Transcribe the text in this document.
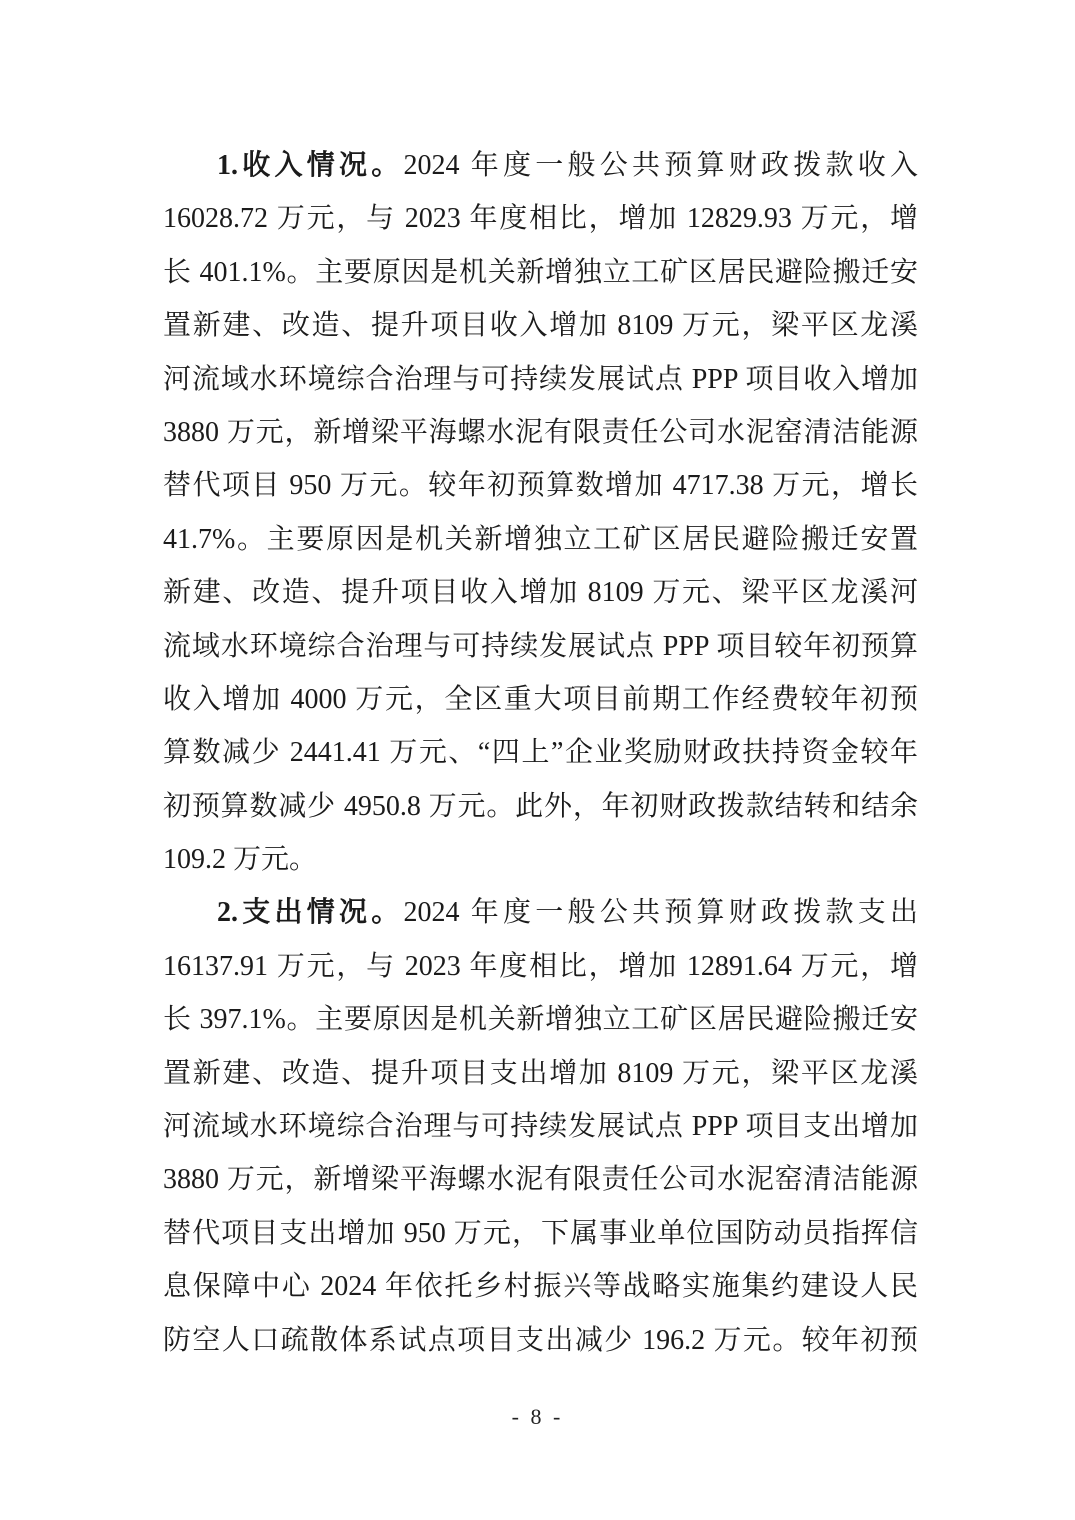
1.收入情况。2024 年度一般公共预算财政拨款收入
16028.72 万元，与 2023 年度相比，增加 12829.93 万元，增
长 401.1%。主要原因是机关新增独立工矿区居民避险搬迁安
置新建、改造、提升项目收入增加 8109 万元，梁平区龙溪
河流域水环境综合治理与可持续发展试点 PPP 项目收入增加
3880 万元，新增梁平海螺水泥有限责任公司水泥窑清洁能源
替代项目 950 万元。较年初预算数增加 4717.38 万元，增长
41.7%。主要原因是机关新增独立工矿区居民避险搬迁安置
新建、改造、提升项目收入增加 8109 万元、梁平区龙溪河
流域水环境综合治理与可持续发展试点 PPP 项目较年初预算
收入增加 4000 万元，全区重大项目前期工作经费较年初预
算数减少 2441.41 万元、“四上”企业奖励财政扶持资金较年
初预算数减少 4950.8 万元。此外，年初财政拨款结转和结余
109.2 万元。
2.支出情况。2024 年度一般公共预算财政拨款支出
16137.91 万元，与 2023 年度相比，增加 12891.64 万元，增
长 397.1%。主要原因是机关新增独立工矿区居民避险搬迁安
置新建、改造、提升项目支出增加 8109 万元，梁平区龙溪
河流域水环境综合治理与可持续发展试点 PPP 项目支出增加
3880 万元，新增梁平海螺水泥有限责任公司水泥窑清洁能源
替代项目支出增加 950 万元，下属事业单位国防动员指挥信
息保障中心 2024 年依托乡村振兴等战略实施集约建设人民
防空人口疏散体系试点项目支出减少 196.2 万元。较年初预
- 8 -
